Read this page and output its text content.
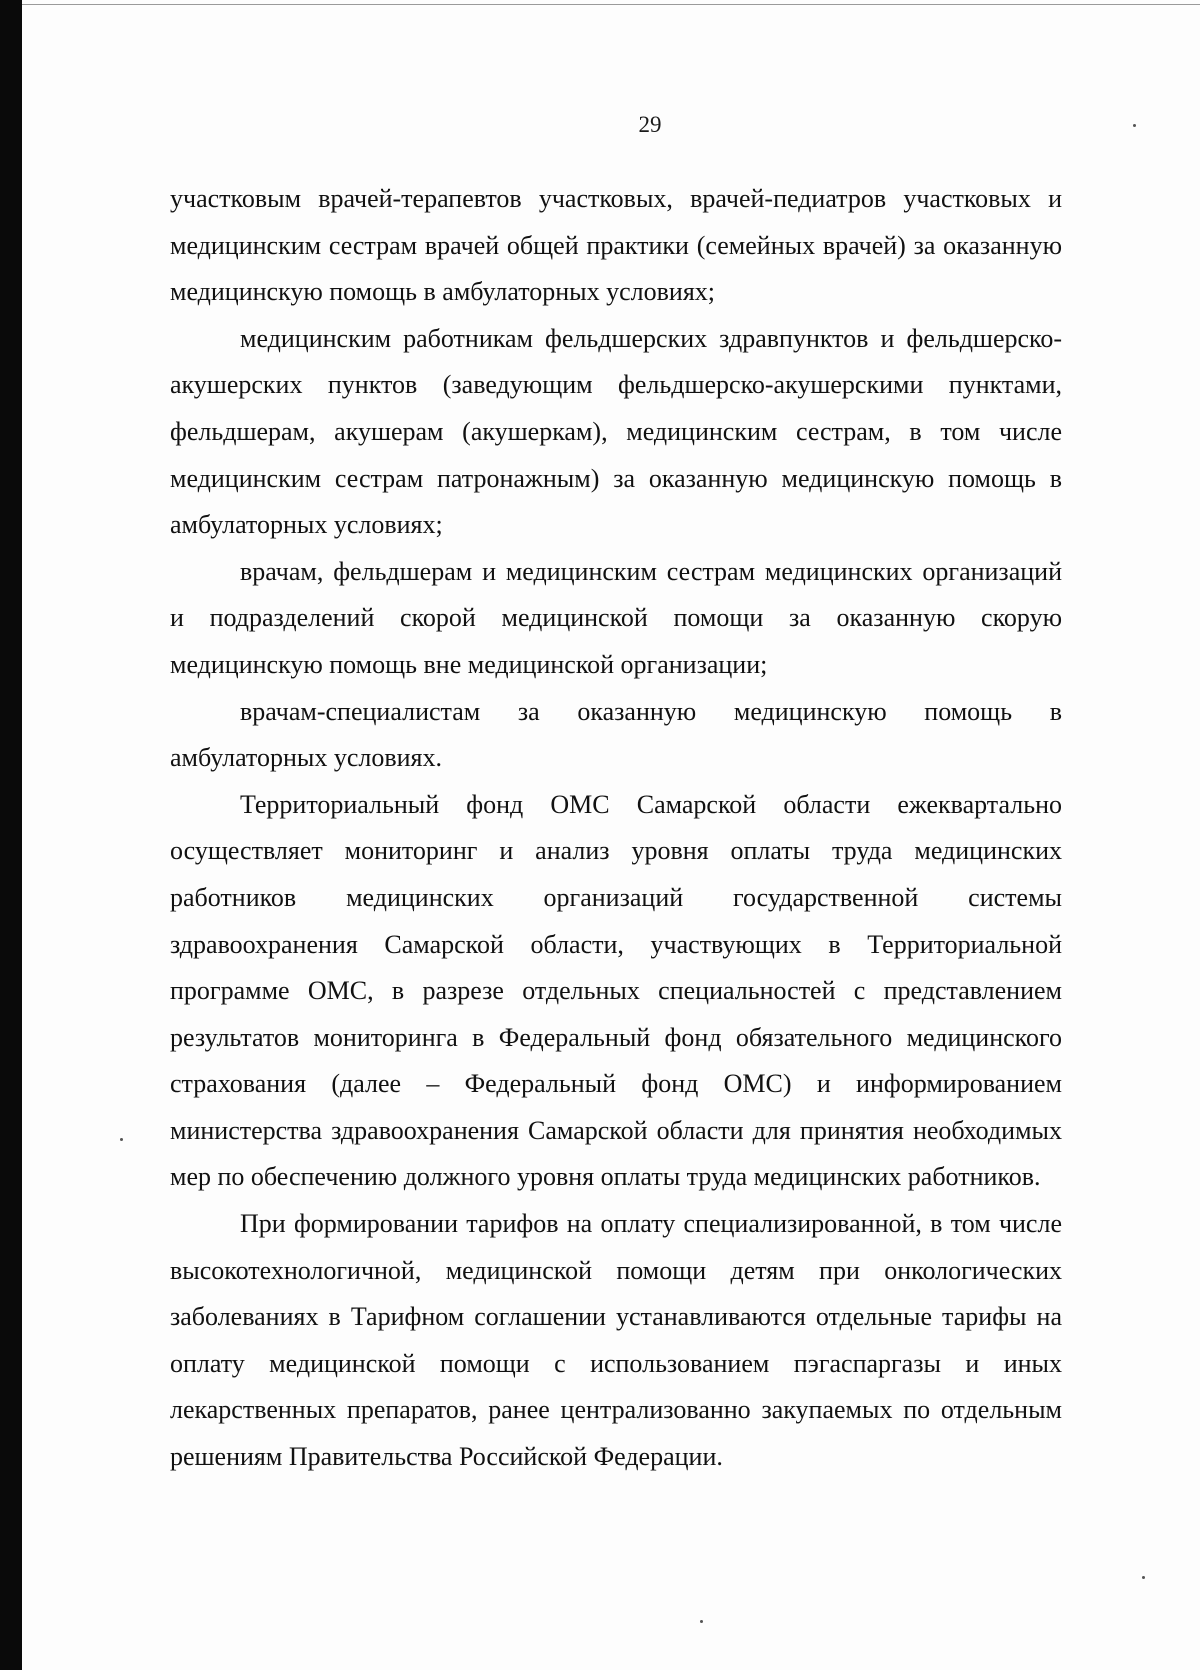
29

участковым врачей-терапевтов участковых, врачей-педиатров участковых и медицинским сестрам врачей общей практики (семейных врачей) за оказанную медицинскую помощь в амбулаторных условиях;

медицинским работникам фельдшерских здравпунктов и фельдшерско-акушерских пунктов (заведующим фельдшерско-акушерскими пунктами, фельдшерам, акушерам (акушеркам), медицинским сестрам, в том числе медицинским сестрам патронажным) за оказанную медицинскую помощь в амбулаторных условиях;

врачам, фельдшерам и медицинским сестрам медицинских организаций и подразделений скорой медицинской помощи за оказанную скорую медицинскую помощь вне медицинской организации;

врачам-специалистам за оказанную медицинскую помощь в амбулаторных условиях.

Территориальный фонд ОМС Самарской области ежеквартально осуществляет мониторинг и анализ уровня оплаты труда медицинских работников медицинских организаций государственной системы здравоохранения Самарской области, участвующих в Территориальной программе ОМС, в разрезе отдельных специальностей с представлением результатов мониторинга в Федеральный фонд обязательного медицинского страхования (далее – Федеральный фонд ОМС) и информированием министерства здравоохранения Самарской области для принятия необходимых мер по обеспечению должного уровня оплаты труда медицинских работников.

При формировании тарифов на оплату специализированной, в том числе высокотехнологичной, медицинской помощи детям при онкологических заболеваниях в Тарифном соглашении устанавливаются отдельные тарифы на оплату медицинской помощи с использованием пэгаспаргазы и иных лекарственных препаратов, ранее централизованно закупаемых по отдельным решениям Правительства Российской Федерации.
